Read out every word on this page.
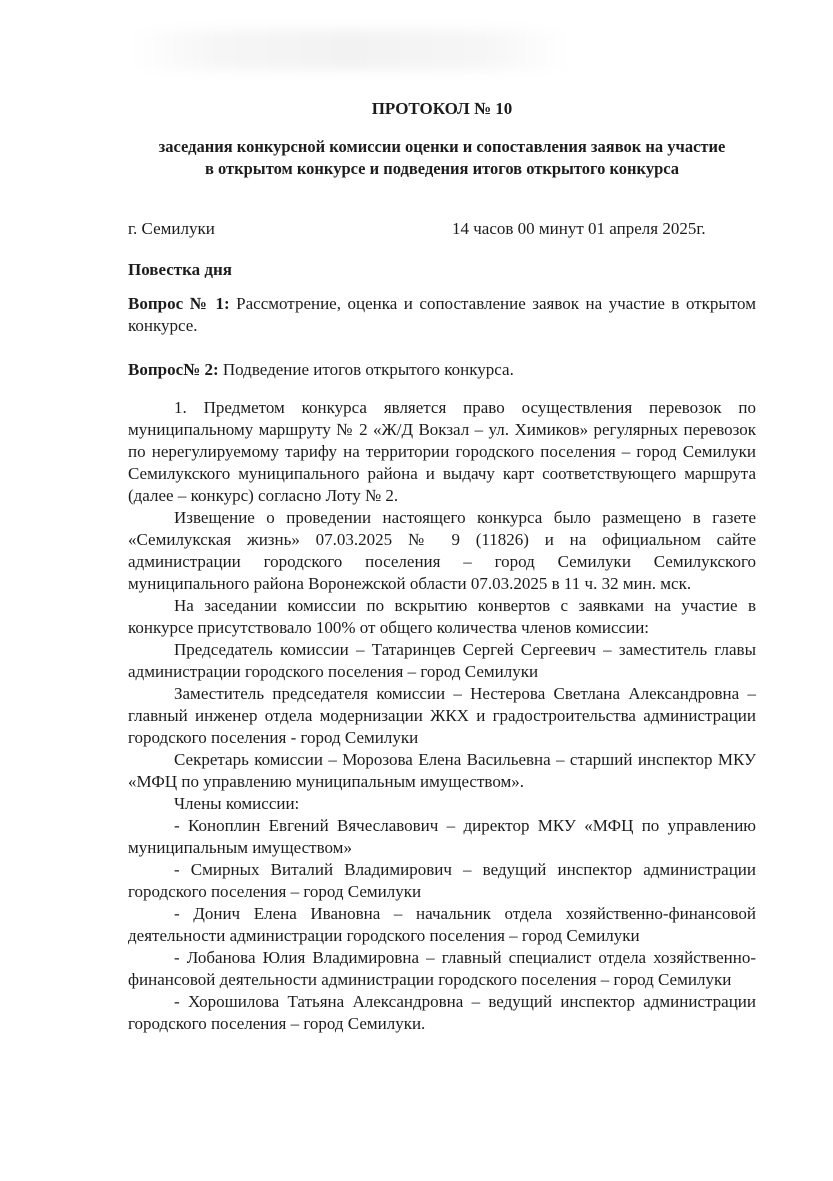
ПРОТОКОЛ № 10
заседания конкурсной комиссии оценки и сопоставления заявок на участие
в открытом конкурсе и подведения итогов открытого конкурса
г. Семилуки	14 часов 00 минут 01 апреля 2025г.
Повестка дня
Вопрос № 1: Рассмотрение, оценка и сопоставление заявок на участие в открытом конкурсе.
Вопрос№ 2: Подведение итогов открытого конкурса.

1. Предметом конкурса является право осуществления перевозок по муниципальному маршруту № 2 «Ж/Д Вокзал – ул. Химиков» регулярных перевозок по нерегулируемому тарифу на территории городского поселения – город Семилуки Семилукского муниципального района и выдачу карт соответствующего маршрута (далее – конкурс) согласно Лоту № 2.

Извещение о проведении настоящего конкурса было размещено в газете «Семилукская жизнь» 07.03.2025 № 9 (11826) и на официальном сайте администрации городского поселения – город Семилуки Семилукского муниципального района Воронежской области 07.03.2025 в 11 ч. 32 мин. мск.

На заседании комиссии по вскрытию конвертов с заявками на участие в конкурсе присутствовало 100% от общего количества членов комиссии:

Председатель комиссии – Татаринцев Сергей Сергеевич – заместитель главы администрации городского поселения – город Семилуки

Заместитель председателя комиссии – Нестерова Светлана Александровна – главный инженер отдела модернизации ЖКХ и градостроительства администрации городского поселения - город Семилуки

Секретарь комиссии – Морозова Елена Васильевна – старший инспектор МКУ «МФЦ по управлению муниципальным имуществом».

Члены комиссии:

- Коноплин Евгений Вячеславович – директор МКУ «МФЦ по управлению муниципальным имуществом»

- Смирных Виталий Владимирович – ведущий инспектор администрации городского поселения – город Семилуки

- Донич Елена Ивановна – начальник отдела хозяйственно-финансовой деятельности администрации городского поселения – город Семилуки

- Лобанова Юлия Владимировна – главный специалист отдела хозяйственно-финансовой деятельности администрации городского поселения – город Семилуки

- Хорошилова Татьяна Александровна – ведущий инспектор администрации городского поселения – город Семилуки.
